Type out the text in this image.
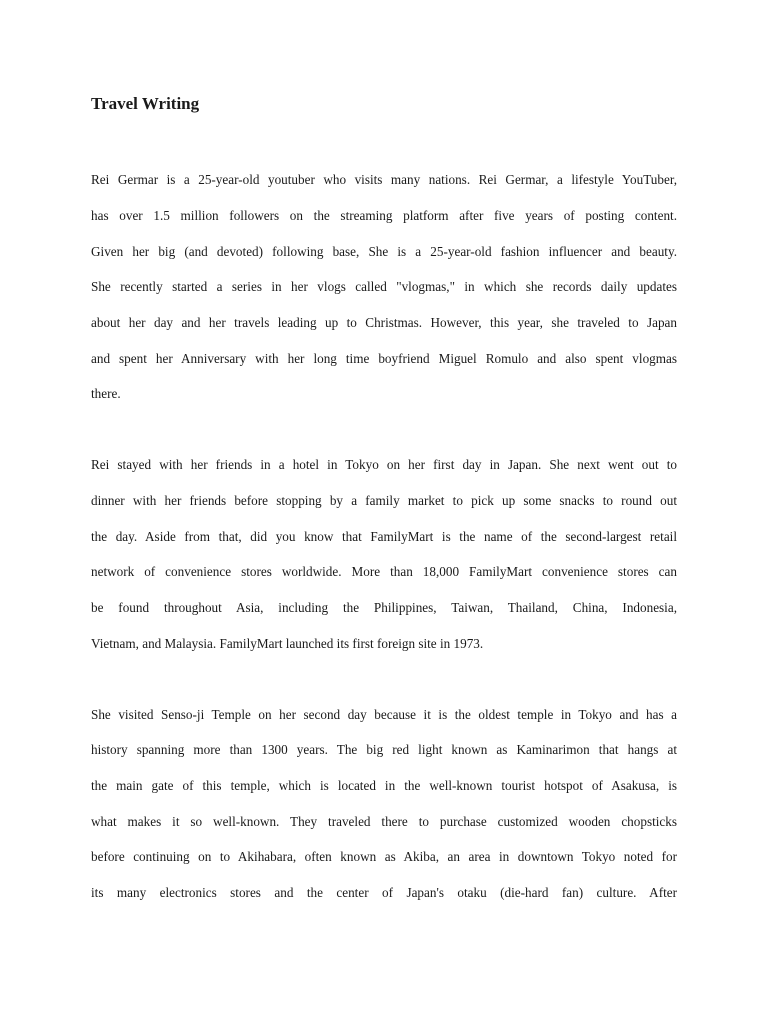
Travel Writing

Rei Germar is a 25-year-old youtuber who visits many nations. Rei Germar, a lifestyle YouTuber,

has over 1.5 million followers on the streaming platform after five years of posting content.

Given her big (and devoted) following base, She is a 25-year-old fashion influencer and beauty.

She recently started a series in her vlogs called "vlogmas," in which she records daily updates

about her day and her travels leading up to Christmas. However, this year, she traveled to Japan

and spent her Anniversary with her long time boyfriend Miguel Romulo and also spent vlogmas

there.

Rei stayed with her friends in a hotel in Tokyo on her first day in Japan. She next went out to

dinner with her friends before stopping by a family market to pick up some snacks to round out

the day. Aside from that, did you know that FamilyMart is the name of the second-largest retail

network of convenience stores worldwide. More than 18,000 FamilyMart convenience stores can

be found throughout Asia, including the Philippines, Taiwan, Thailand, China, Indonesia,

Vietnam, and Malaysia. FamilyMart launched its first foreign site in 1973.

She visited Senso-ji Temple on her second day because it is the oldest temple in Tokyo and has a

history spanning more than 1300 years. The big red light known as Kaminarimon that hangs at

the main gate of this temple, which is located in the well-known tourist hotspot of Asakusa, is

what makes it so well-known. They traveled there to purchase customized wooden chopsticks

before continuing on to Akihabara, often known as Akiba, an area in downtown Tokyo noted for

its many electronics stores and the center of Japan's otaku (die-hard fan) culture. After
